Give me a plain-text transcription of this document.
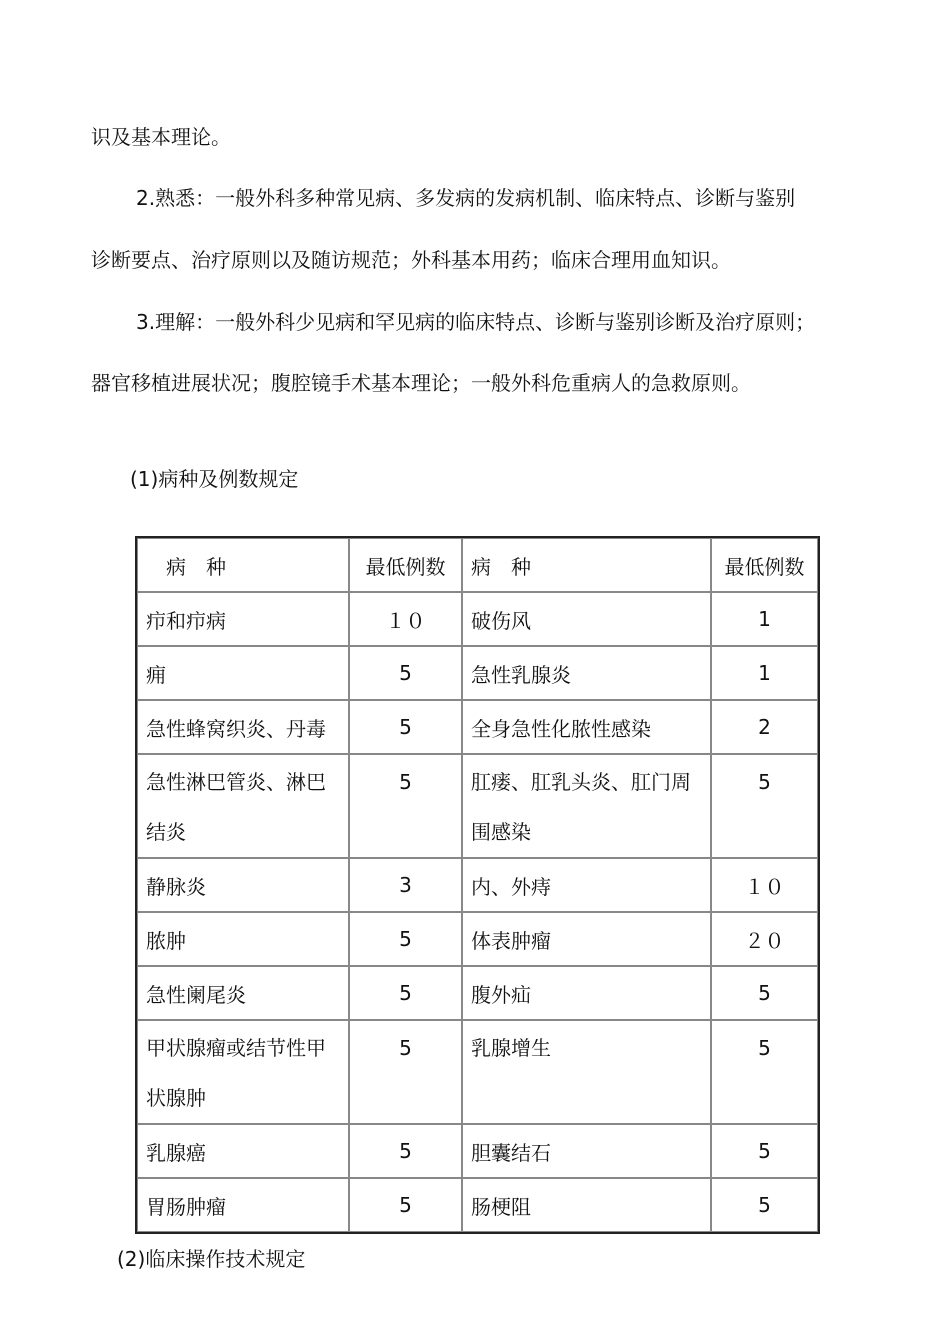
识及基本理论。
2.熟悉：一般外科多种常见病、多发病的发病机制、临床特点、诊断与鉴别
诊断要点、治疗原则以及随访规范；外科基本用药；临床合理用血知识。
3.理解：一般外科少见病和罕见病的临床特点、诊断与鉴别诊断及治疗原则；
器官移植进展状况；腹腔镜手术基本理论；一般外科危重病人的急救原则。
(1)病种及例数规定
病　种	最低例数	病　种	最低例数
疖和疖病	１０	破伤风	1
痈	5	急性乳腺炎	1
急性蜂窝织炎、丹毒	5	全身急性化脓性感染	2
急性淋巴管炎、淋巴结炎	5	肛瘘、肛乳头炎、肛门周围感染	5
静脉炎	3	内、外痔	１０
脓肿	5	体表肿瘤	２０
急性阑尾炎	5	腹外疝	5
甲状腺瘤或结节性甲状腺肿	5	乳腺增生	5
乳腺癌	5	胆囊结石	5
胃肠肿瘤	5	肠梗阻	5
(2)临床操作技术规定
